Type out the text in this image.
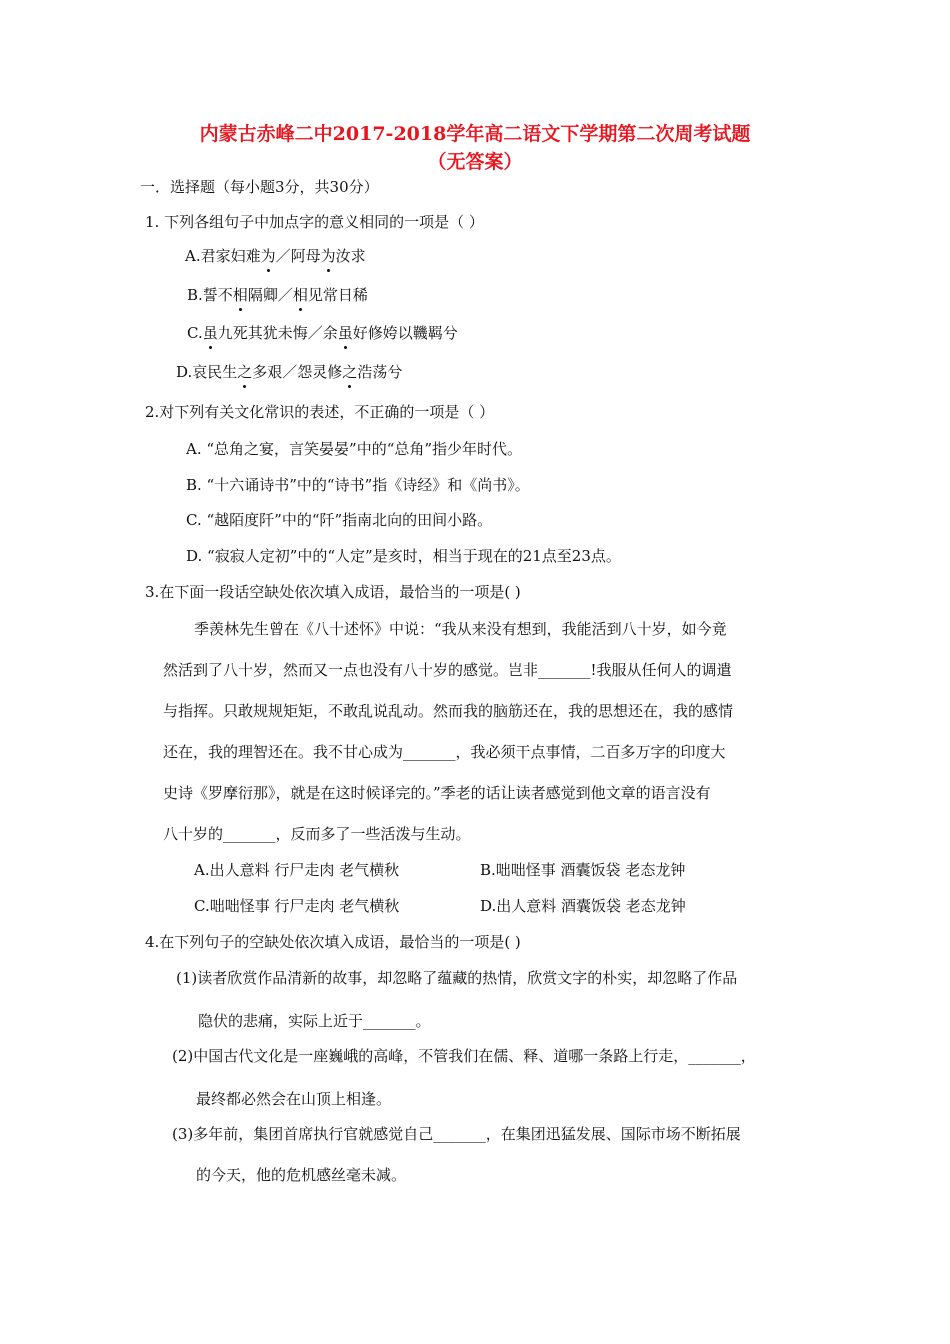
内蒙古赤峰二中2017-2018学年高二语文下学期第二次周考试题
（无答案）
一．选择题（每小题3分，共30分）
1. 下列各组句子中加点字的意义相同的一项是（ ）
A.君家妇难为／阿母为汝求
B.誓不相隔卿／相见常日稀
C.虽九死其犹未悔／余虽好修姱以鞿羁兮
D.哀民生之多艰／怨灵修之浩荡兮
2.对下列有关文化常识的表述，不正确的一项是（ ）
A. “总角之宴，言笑晏晏”中的“总角”指少年时代。
B. “十六诵诗书”中的“诗书”指《诗经》和《尚书》。
C. “越陌度阡”中的“阡”指南北向的田间小路。
D. “寂寂人定初”中的“人定”是亥时，相当于现在的21点至23点。
3.在下面一段话空缺处依次填入成语，最恰当的一项是( )
季羡林先生曾在《八十述怀》中说：“我从来没有想到，我能活到八十岁，如今竟
然活到了八十岁，然而又一点也没有八十岁的感觉。岂非_______!我服从任何人的调遣
与指挥。只敢规规矩矩，不敢乱说乱动。然而我的脑筋还在，我的思想还在，我的感情
还在，我的理智还在。我不甘心成为_______，我必须干点事情，二百多万字的印度大
史诗《罗摩衍那》，就是在这时候译完的。”季老的话让读者感觉到他文章的语言没有
八十岁的_______，反而多了一些活泼与生动。
A.出人意料 行尸走肉 老气横秋	B.咄咄怪事 酒囊饭袋 老态龙钟
C.咄咄怪事 行尸走肉 老气横秋	D.出人意料 酒囊饭袋 老态龙钟
4.在下列句子的空缺处依次填入成语，最恰当的一项是( )
(1)读者欣赏作品清新的故事，却忽略了蕴藏的热情，欣赏文字的朴实，却忽略了作品
隐伏的悲痛，实际上近于_______。
(2)中国古代文化是一座巍峨的高峰，不管我们在儒、释、道哪一条路上行走，_______，
最终都必然会在山顶上相逢。
(3)多年前，集团首席执行官就感觉自己_______，在集团迅猛发展、国际市场不断拓展
的今天，他的危机感丝毫未减。
